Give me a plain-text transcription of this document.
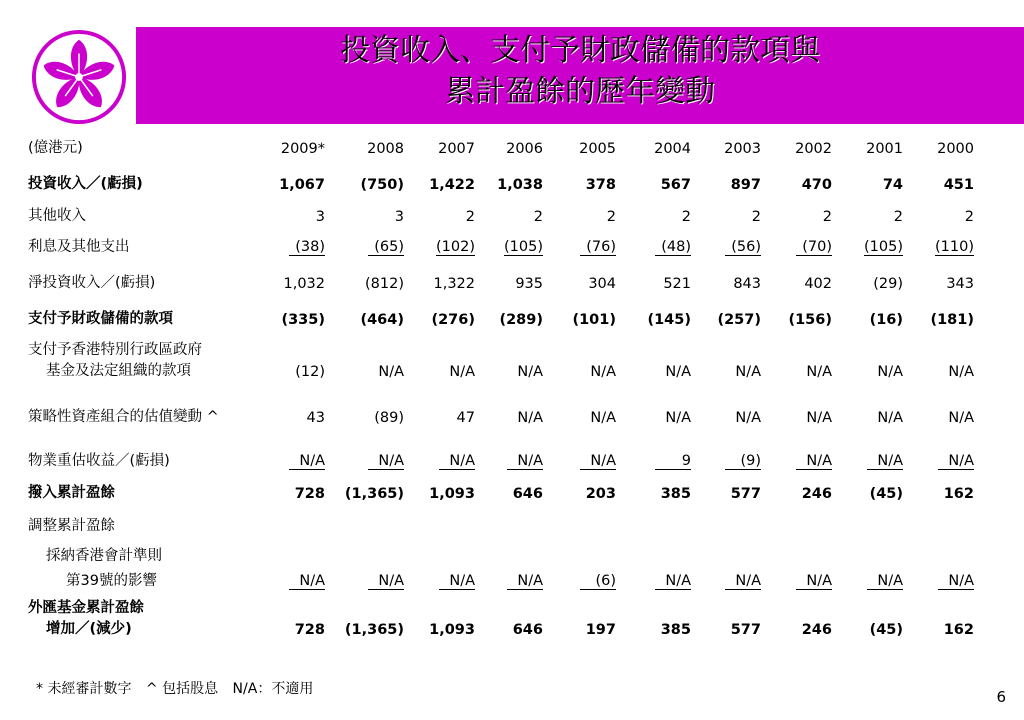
投資收入、支付予財政儲備的款項與
累計盈餘的歷年變動
(億港元)	2009*	2008	2007	2006	2005	2004	2003	2002	2001	2000
投資收入／(虧損)	1,067	(750)	1,422	1,038	378	567	897	470	74	451
其他收入	3	3	2	2	2	2	2	2	2	2
利息及其他支出	(38)	(65)	(102)	(105)	(76)	(48)	(56)	(70)	(105)	(110)
淨投資收入／(虧損)	1,032	(812)	1,322	935	304	521	843	402	(29)	343
支付予財政儲備的款項	(335)	(464)	(276)	(289)	(101)	(145)	(257)	(156)	(16)	(181)

支付予香港特別行政區政府
基金及法定組織的款項	(12)	N/A	N/A	N/A	N/A	N/A	N/A	N/A	N/A	N/A
策略性資產組合的估值變動 ^	43	(89)	47	N/A	N/A	N/A	N/A	N/A	N/A	N/A
物業重估收益／(虧損)	N/A	N/A	N/A	N/A	N/A	9	(9)	N/A	N/A	N/A
撥入累計盈餘	728	(1,365)	1,093	646	203	385	577	246	(45)	162
調整累計盈餘										

採納香港會計準則										

第39號的影響	N/A	N/A	N/A	N/A	(6)	N/A	N/A	N/A	N/A	N/A

外匯基金累計盈餘
增加／(減少)	728	(1,365)	1,093	646	197	385	577	246	(45)	162
* 未經審計數字 ^ 包括股息 N/A：不適用	6
